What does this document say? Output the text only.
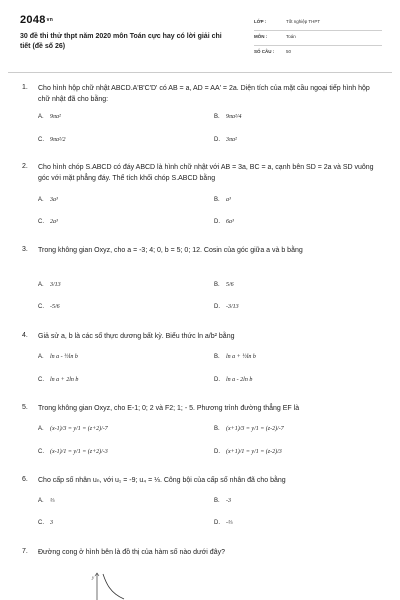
2048vn
30 đề thi thử thpt năm 2020 môn Toán cực hay có lời giải chi tiết (đề số 26)
LỚP :	Tốt nghiệp THPT
MÔN :	Toán
SỐ CÂU :	50
1. Cho hình hộp chữ nhật ABCD.A'B'C'D' có AB = a, AD = AA' = 2a. Diện tích của mặt cầu ngoại tiếp hình hộp chữ nhật đã cho bằng:
A. 9πa²	B. 9πa²/4
C. 9πa²/2	D. 3πa²
2. Cho hình chóp S.ABCD có đáy ABCD là hình chữ nhật với AB = 3a, BC = a, cạnh bên SD = 2a và SD vuông góc với mặt phẳng đáy. Thể tích khối chóp S.ABCD bằng
A. 3a³	B. a³
C. 2a³	D. 6a³
3. Trong không gian Oxyz, cho a = -3; 4; 0, b = 5; 0; 12. Cosin của góc giữa a và b bằng
A. 3/13	B. 5/6
C. -5/6	D. -3/13
4. Giả sử a, b là các số thực dương bất kỳ. Biểu thức ln a/b² bằng
A. ln a - ½ln b	B. ln a + ½ln b
C. ln a + 2ln b	D. ln a - 2ln b
5. Trong không gian Oxyz, cho E-1; 0; 2 và F2; 1; - 5. Phương trình đường thẳng EF là
A. (x-1)/3 = y/1 = (z+2)/-7	B. (x+1)/3 = y/1 = (z-2)/-7
C. (x-1)/1 = y/1 = (z+2)/-3	D. (x+1)/1 = y/1 = (z-2)/3
6. Cho cấp số nhân uₙ, với u₁ = -9; u₄ = ⅓. Công bội của cấp số nhân đã cho bằng
A. ⅓	B. -3
C. 3	D. -⅓
7. Đường cong ở hình bên là đồ thị của hàm số nào dưới đây?
y
